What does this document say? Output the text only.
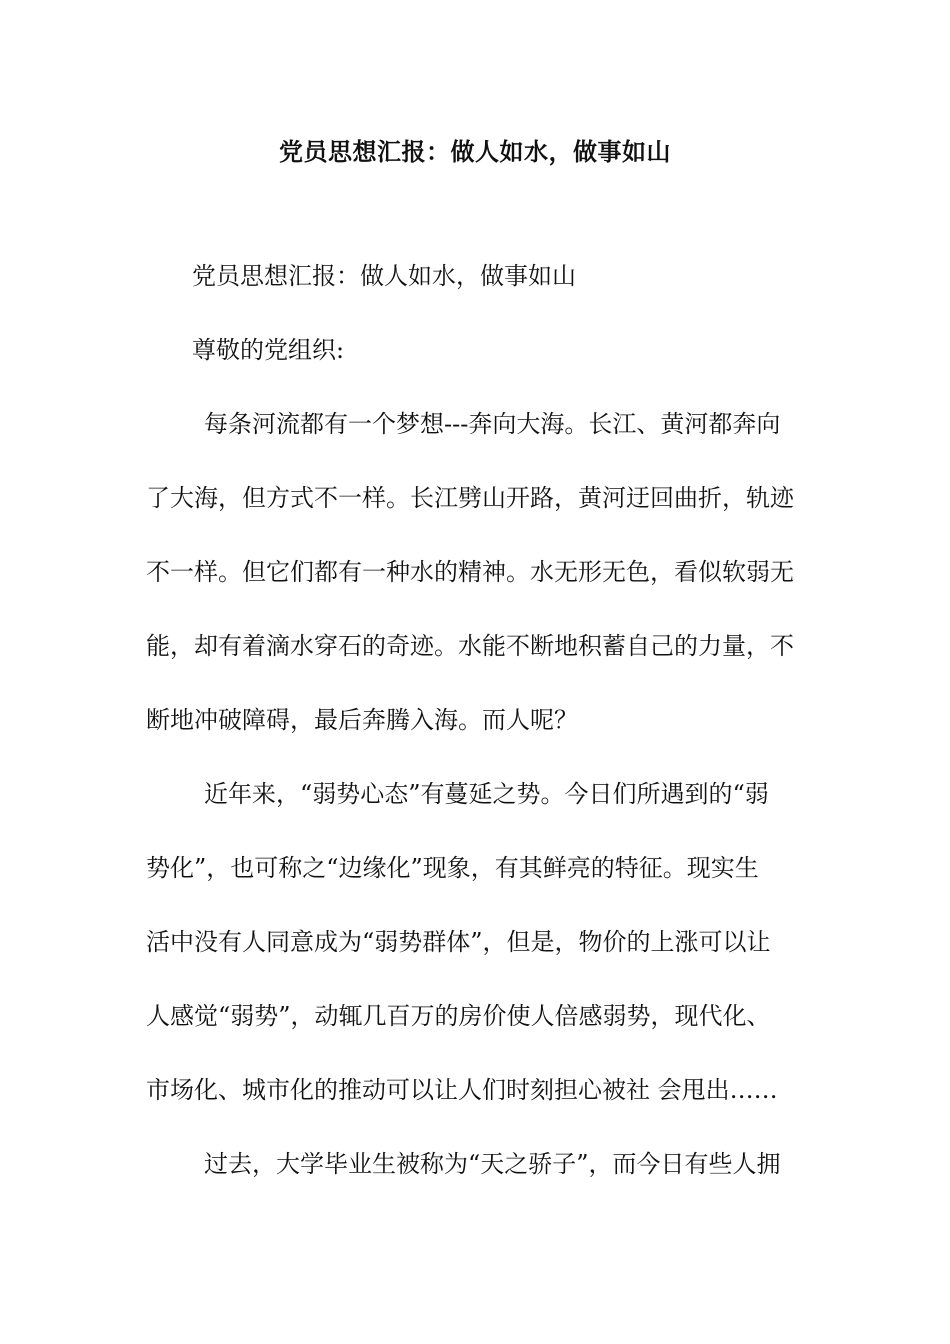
党员思想汇报：做人如水，做事如山
党员思想汇报：做人如水，做事如山
尊敬的党组织:
每条河流都有一个梦想---奔向大海。长江、黄河都奔向
了大海，但方式不一样。长江劈山开路，黄河迂回曲折，轨迹
不一样。但它们都有一种水的精神。水无形无色，看似软弱无
能，却有着滴水穿石的奇迹。水能不断地积蓄自己的力量，不
断地冲破障碍，最后奔腾入海。而人呢？
近年来，“弱势心态”有蔓延之势。今日们所遇到的“弱
势化”，也可称之“边缘化”现象，有其鲜亮的特征。现实生
活中没有人同意成为“弱势群体”，但是，物价的上涨可以让
人感觉“弱势”，动辄几百万的房价使人倍感弱势，现代化、
市场化、城市化的推动可以让人们时刻担心被社 会甩出……
过去，大学毕业生被称为“天之骄子”，而今日有些人拥
